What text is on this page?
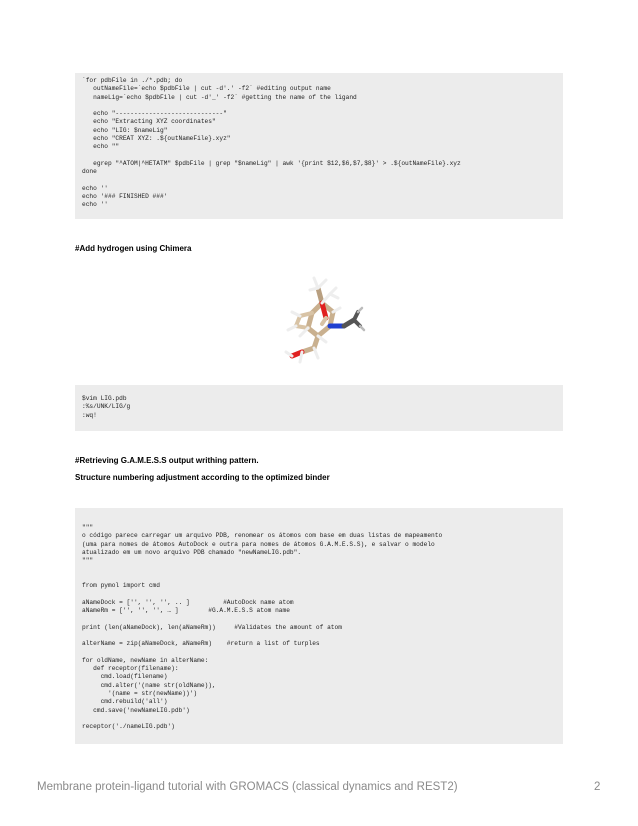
`for pdbFile in ./*.pdb; do
outNameFile=`echo $pdbFile | cut -d'.' -f2` #editing output name
nameLig=`echo $pdbFile | cut -d'_' -f2` #getting the name of the ligand
echo "-----------------------------"
echo "Extracting XYZ coordinates"
echo "LIG: $nameLig"
echo "CREAT XYZ: .${outNameFile}.xyz"
echo ""
egrep "^ATOM|^HETATM" $pdbFile | grep "$nameLig" | awk '{print $12,$6,$7,$8}' > .${outNameFile}.xyz
done
echo ''
echo '### FINISHED ###'
echo ''
#Add hydrogen using Chimera
$vim LIG.pdb
:%s/UNK/LIG/g
:wq!
#Retrieving G.A.M.E.S.S output writhing pattern.
Structure numbering adjustment according to the optimized binder
"""
o código parece carregar um arquivo PDB, renomear os átomos com base em duas listas de mapeamento
(uma para nomes de átomos AutoDock e outra para nomes de átomos G.A.M.E.S.S), e salvar o modelo
atualizado em um novo arquivo PDB chamado "newNameLIG.pdb".
"""
from pymol import cmd
aNameDock = ['', '', '', .. ]         #AutoDock name atom
aNameRm = ['', '', '', … ]        #G.A.M.E.S.S atom name
print (len(aNameDock), len(aNameRm))     #Validates the amount of atom
alterName = zip(aNameDock, aNameRm)    #return a list of turples
for oldName, newName in alterName:
def receptor(filename):
cmd.load(filename)
cmd.alter('(name str(oldName)),
'(name = str(newName))')
cmd.rebuild('all')
cmd.save('newNameLIG.pdb')
receptor('./nameLIG.pdb')
Membrane protein-ligand tutorial with GROMACS (classical dynamics and REST2)	2
